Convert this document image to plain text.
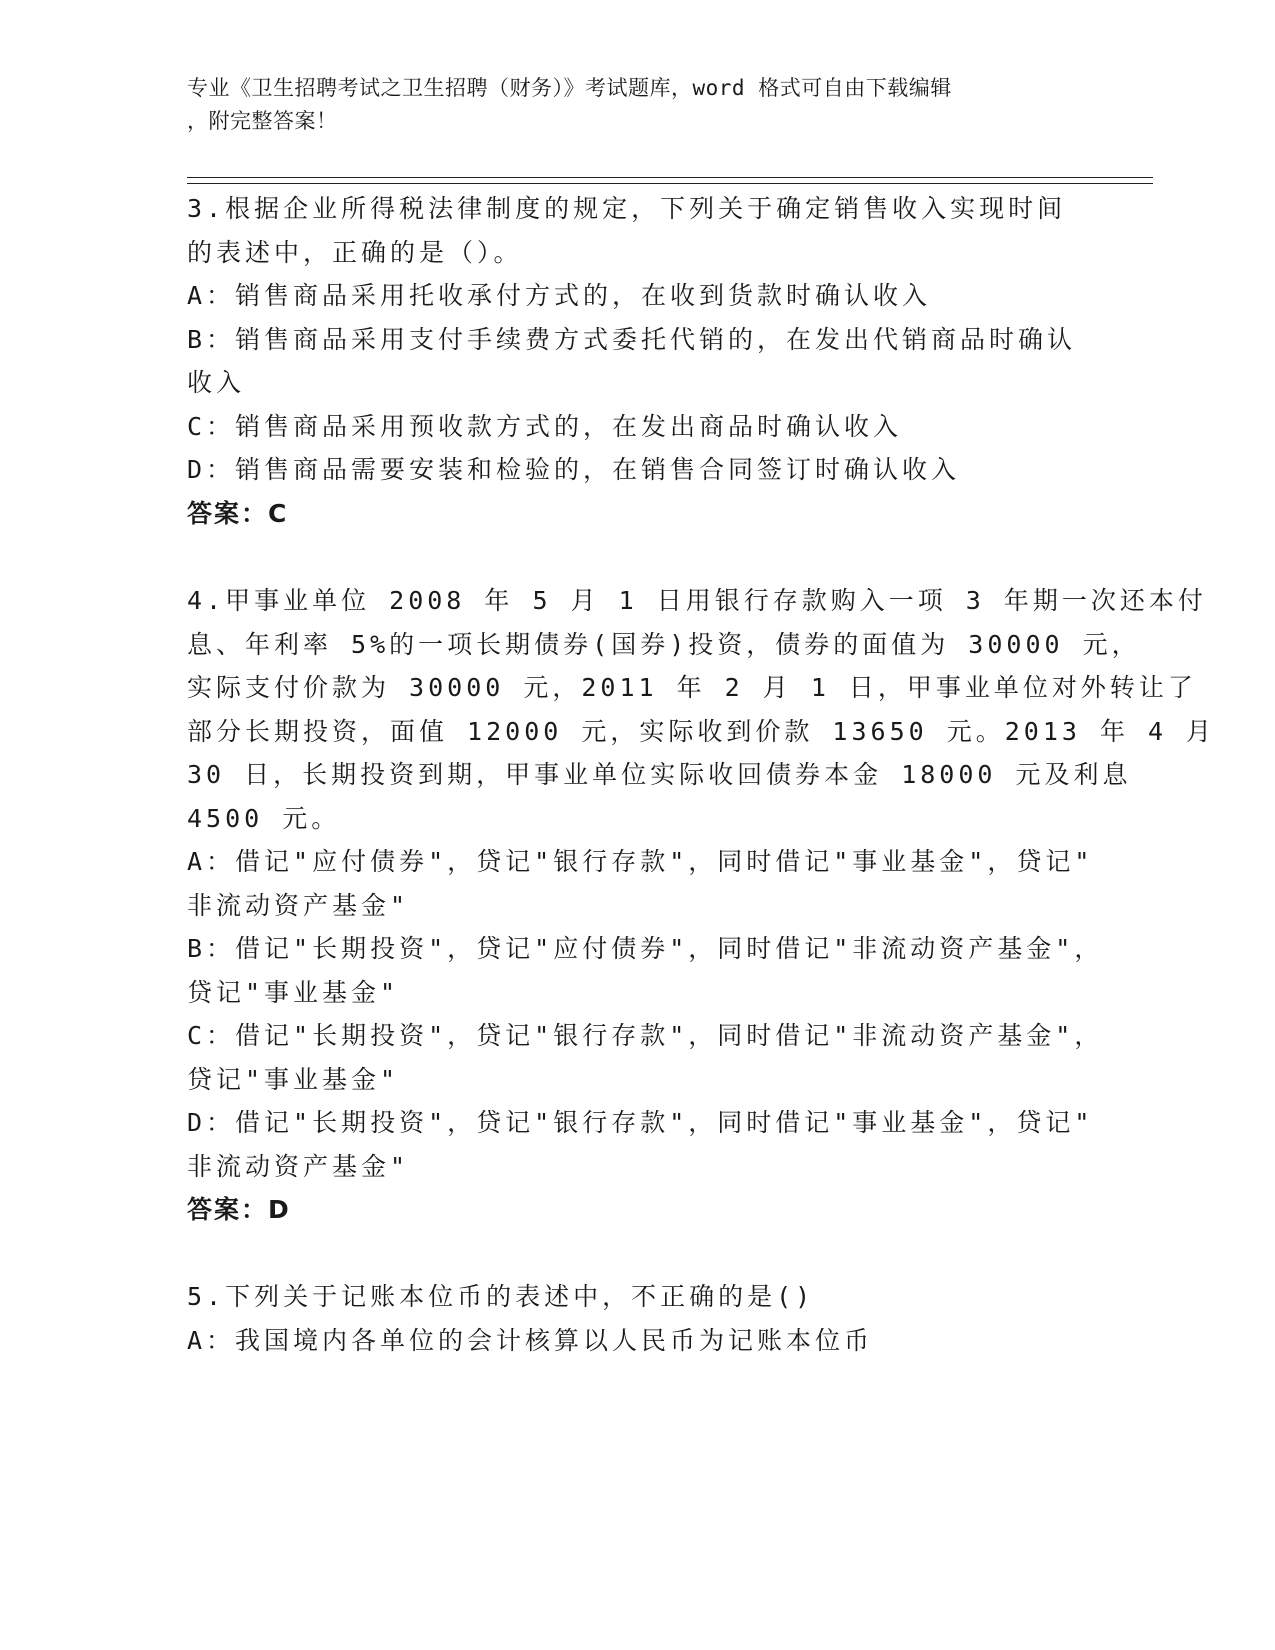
专业《卫生招聘考试之卫生招聘（财务）》考试题库，word 格式可自由下载编辑
，附完整答案！
3.根据企业所得税法律制度的规定，下列关于确定销售收入实现时间
的表述中，正确的是（）。
A：销售商品采用托收承付方式的，在收到货款时确认收入
B：销售商品采用支付手续费方式委托代销的，在发出代销商品时确认
收入
C：销售商品采用预收款方式的，在发出商品时确认收入
D：销售商品需要安装和检验的，在销售合同签订时确认收入
答案：C
4.甲事业单位 2008 年 5 月 1 日用银行存款购入一项 3 年期一次还本付
息、年利率 5%的一项长期债券(国券)投资，债券的面值为 30000 元，
实际支付价款为 30000 元，2011 年 2 月 1 日，甲事业单位对外转让了
部分长期投资，面值 12000 元，实际收到价款 13650 元。2013 年 4 月
30 日，长期投资到期，甲事业单位实际收回债券本金 18000 元及利息
4500 元。
A：借记"应付债券"，贷记"银行存款"，同时借记"事业基金"，贷记"
非流动资产基金"
B：借记"长期投资"，贷记"应付债券"，同时借记"非流动资产基金"，
贷记"事业基金"
C：借记"长期投资"，贷记"银行存款"，同时借记"非流动资产基金"，
贷记"事业基金"
D：借记"长期投资"，贷记"银行存款"，同时借记"事业基金"，贷记"
非流动资产基金"
答案：D
5.下列关于记账本位币的表述中，不正确的是()
A：我国境内各单位的会计核算以人民币为记账本位币
